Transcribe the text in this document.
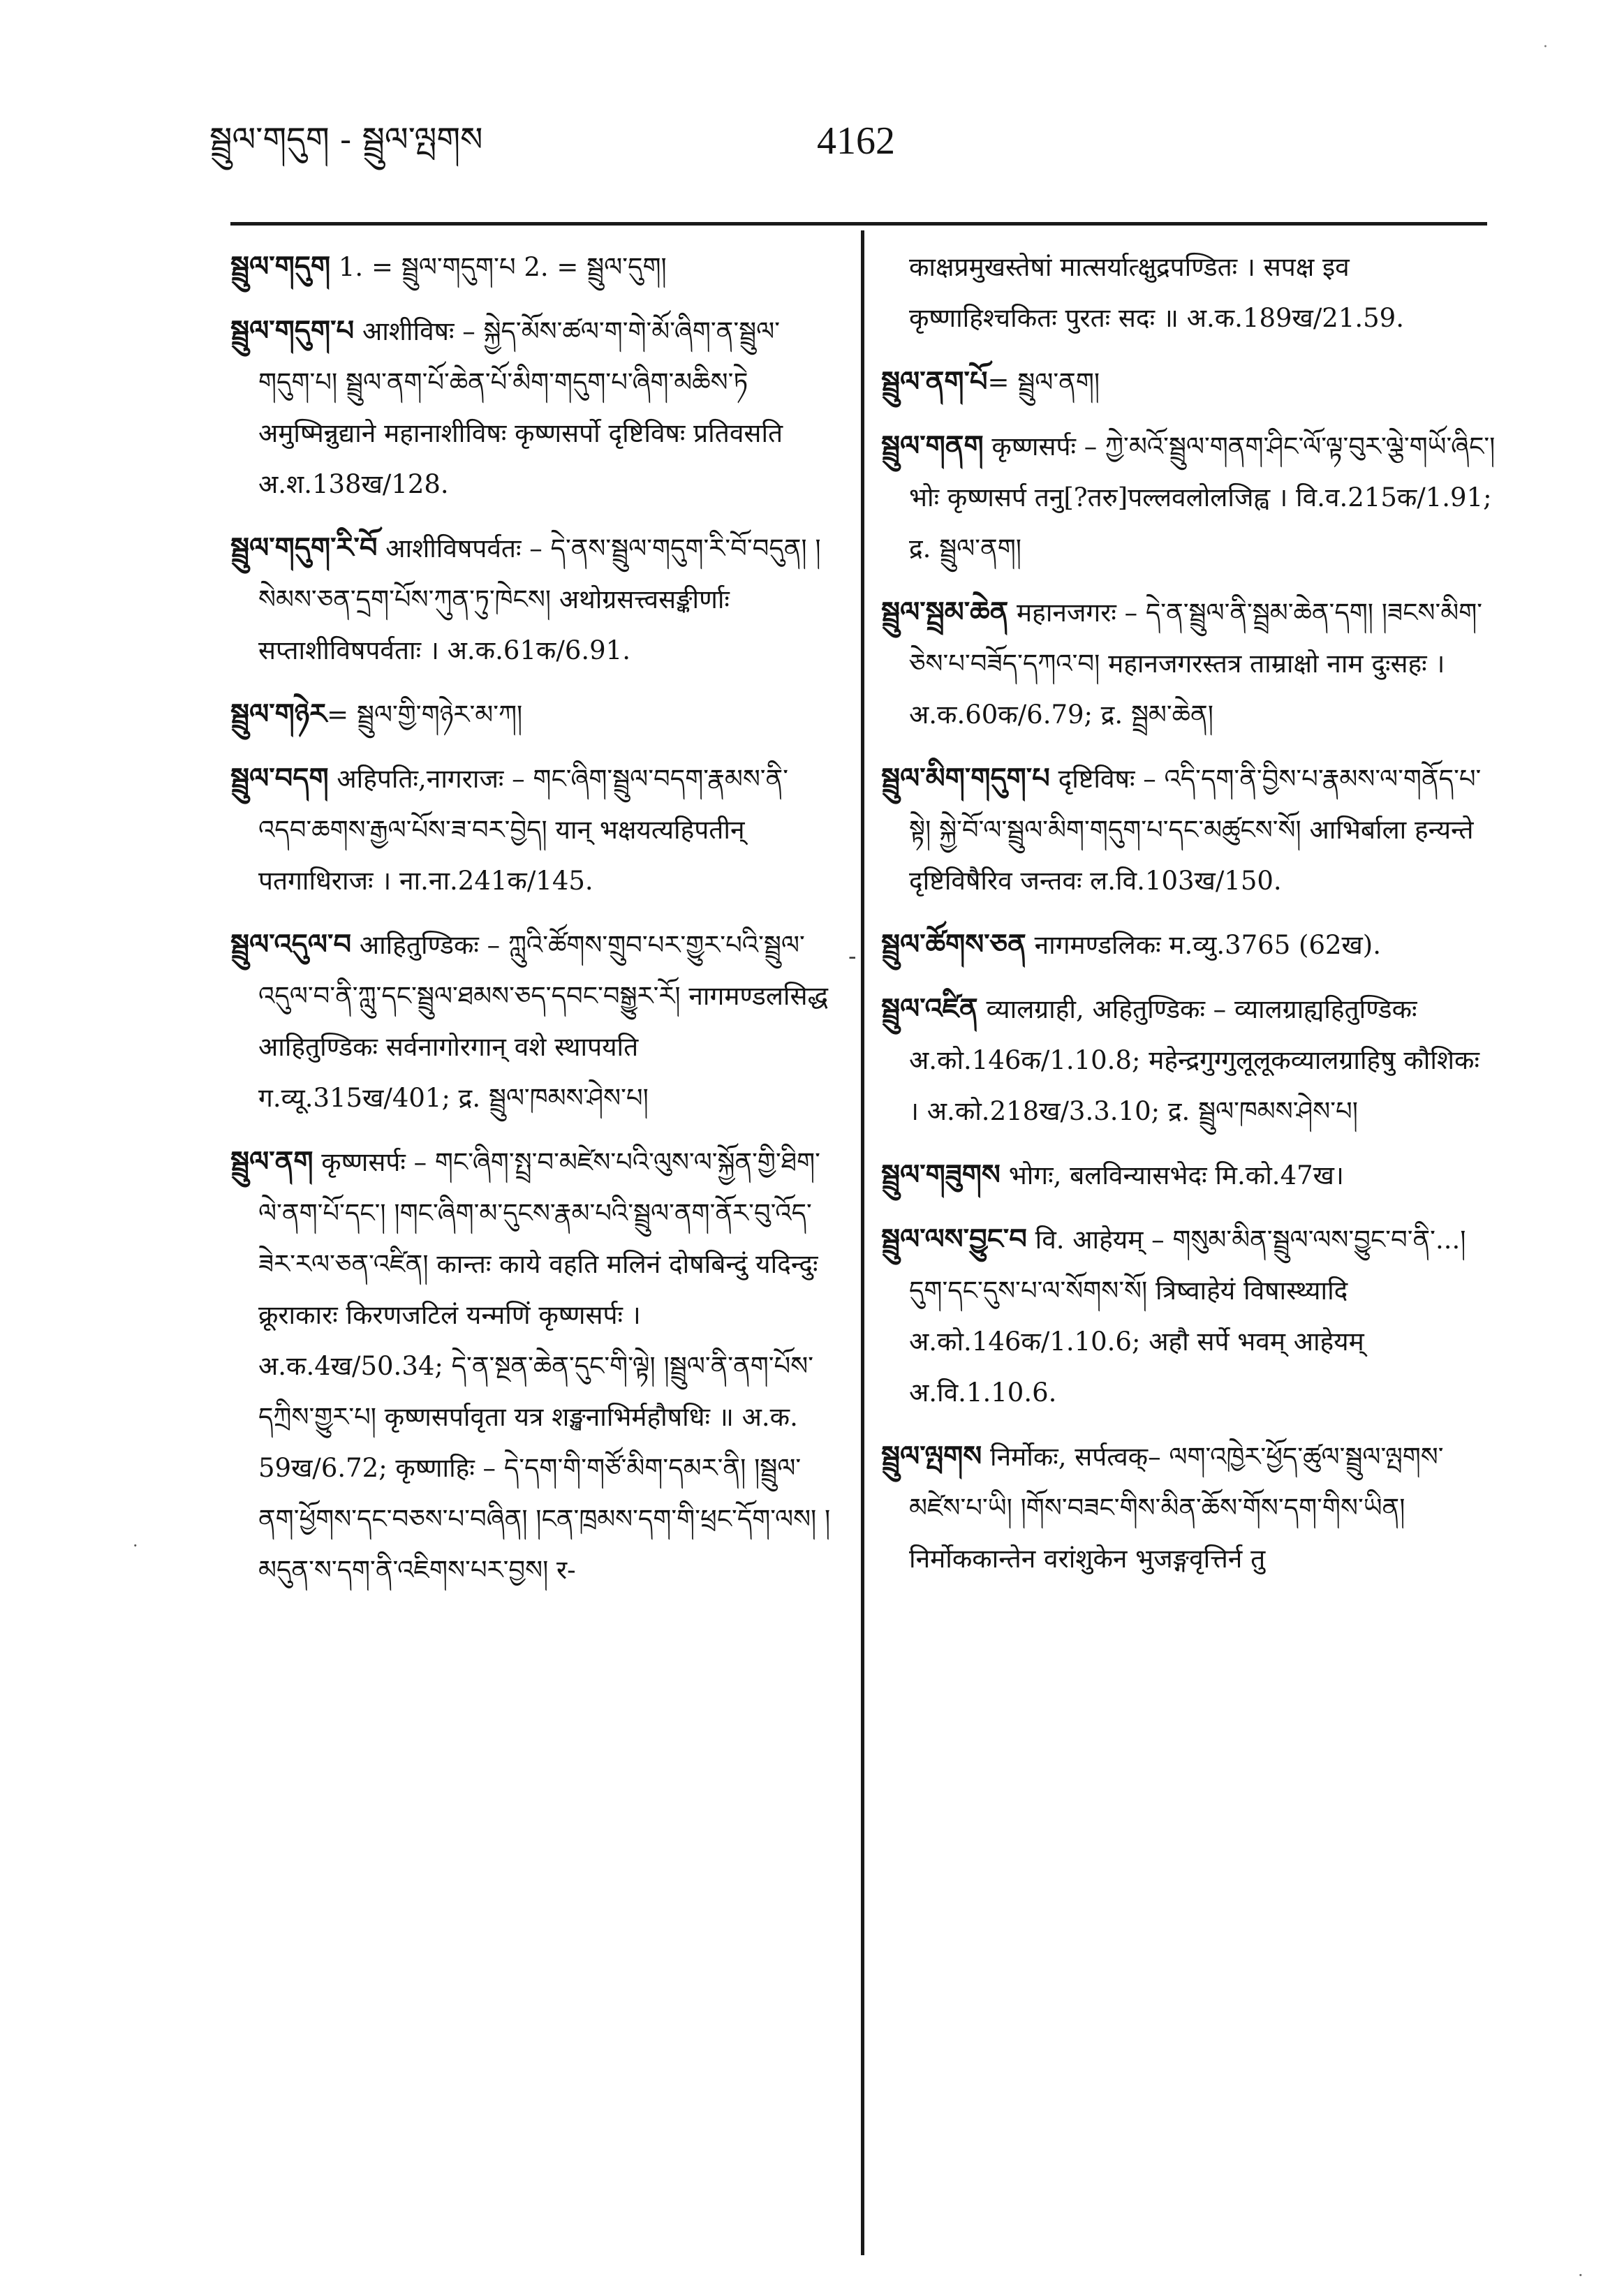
སྦྲུལ་གདུག - སྦྲུལ་ལྤགས	4162

སྦྲུལ་གདུག 1. = སྦྲུལ་གདུག་པ 2. = སྦྲུལ་དུག།

སྦྲུལ་གདུག་པ आशीविषः – སྐྱེད་མོས་ཚལ་ག་གེ་མོ་ཞིག་ན་སྦྲུལ་གདུག་པ། སྦྲུལ་ནག་པོ་ཆེན་པོ་མིག་གདུག་པ་ཞིག་མཆིས་ཏེ अमुष्मिन्नुद्याने महानाशीविषः कृष्णसर्पो दृष्टिविषः प्रतिवसति अ.श.138ख/128.

སྦྲུལ་གདུག་རི་བོ आशीविषपर्वतः – དེ་ནས་སྦྲུལ་གདུག་རི་བོ་བདུན། །སེམས་ཅན་དྲག་པོས་ཀུན་ཏུ་ཁེངས། अथोग्रसत्त्वसङ्कीर्णाः सप्ताशीविषपर्वताः । अ.क.61क/6.91.

སྦྲུལ་གཉེར= སྦྲུལ་གྱི་གཉེར་མ་ཀ།

སྦྲུལ་བདག अहिपतिः,नागराजः – གང་ཞིག་སྦྲུལ་བདག་རྣམས་ནི་འདབ་ཆགས་རྒྱལ་པོས་ཟ་བར་བྱེད། यान् भक्षयत्यहिपतीन् पतगाधिराजः । ना.ना.241क/145.

སྦྲུལ་འདུལ་བ आहितुण्डिकः – ཀླུའི་ཚོགས་གྲུབ་པར་གྱུར་པའི་སྦྲུལ་འདུལ་བ་ནི་ཀླུ་དང་སྦྲུལ་ཐམས་ཅད་དབང་བསྒྱུར་རོ། नागमण्डलसिद्ध आहितुण्डिकः सर्वनागोरगान् वशे स्थापयति ग.व्यू.315ख/401; द्र. སྦྲུལ་ཁམས་ཤེས་པ།

སྦྲུལ་ནག कृष्णसर्पः – གང་ཞིག་སྤྲ་བ་མཛེས་པའི་ལུས་ལ་སྐྱོན་གྱི་ཐིག་ལེ་ནག་པོ་དང་། །གང་ཞིག་མ་དུངས་རྣམ་པའི་སྦྲུལ་ནག་ནོར་བུ་འོད་ཟེར་རལ་ཅན་འཛིན། कान्तः काये वहति मलिनं दोषबिन्दुं यदिन्दुः क्रूराकारः किरणजटिलं यन्मणिं कृष्णसर्पः । अ.क.4ख/50.34; དེ་ན་སྔན་ཆེན་དུང་གི་ལྟེ། །སྦྲུལ་ནི་ནག་པོས་དཀྲིས་གྱུར་པ། कृष्णसर्पावृता यत्र शङ्खनाभिर्महौषधिः ॥ अ.क. 59ख/6.72; कृष्णाहिः – དེ་དག་གི་གཙོ་མིག་དམར་ནི། །སྦྲུལ་ནག་ཕྱོགས་དང་བཅས་པ་བཞིན། །ངན་ཁྲམས་དག་གི་ཕྲང་དོག་ལས། །མདུན་ས་དག་ནི་འཇིགས་པར་བྱས། र-

काक्षप्रमुखस्तेषां मात्सर्यात्क्षुद्रपण्डितः । सपक्ष इव कृष्णाहिश्चकितः पुरतः सदः ॥ अ.क.189ख/21.59.

སྦྲུལ་ནག་པོ= སྦྲུལ་ནག།

སྦྲུལ་གནག कृष्णसर्पः – ཀྱེ་མའོ་སྦྲུལ་གནག་ཤིང་ལོ་ལྟ་བུར་ལྕེ་གཡོ་ཞིང་། भोः कृष्णसर्प तनु[?तरु]पल्लवलोलजिह्व । वि.व.215क/1.91; द्र. སྦྲུལ་ནག།

སྦྲུལ་སྦྲམ་ཆེན महानजगरः – དེ་ན་སྦྲུལ་ནི་སྦྲམ་ཆེན་དག། །ཟངས་མིག་ཅེས་པ་བཟོད་དཀའ་བ། महानजगरस्तत्र ताम्राक्षो नाम दुःसहः । अ.क.60क/6.79; द्र. སྦྲམ་ཆེན།

སྦྲུལ་མིག་གདུག་པ दृष्टिविषः – འདི་དག་ནི་བྱིས་པ་རྣམས་ལ་གནོད་པ་སྟེ། སྐྱེ་བོ་ལ་སྦྲུལ་མིག་གདུག་པ་དང་མཚུངས་སོ། आभिर्बाला हन्यन्ते दृष्टिविषैरिव जन्तवः ल.वि.103ख/150.

སྦྲུལ་ཚོགས་ཅན नागमण्डलिकः म.व्यु.3765 (62ख).

སྦྲུལ་འཛིན व्यालग्राही, अहितुण्डिकः – व्यालग्राह्यहितुण्डिकः अ.को.146क/1.10.8; महेन्द्रगुग्गुलूलूकव्यालग्राहिषु कौशिकः । अ.को.218ख/3.3.10; द्र. སྦྲུལ་ཁམས་ཤེས་པ།

སྦྲུལ་གཟུགས भोगः, बलविन्यासभेदः मि.को.47ख।

སྦྲུལ་ལས་བྱུང་བ वि. आहेयम् – གསུམ་མིན་སྦྲུལ་ལས་བྱུང་བ་ནི་...།དུག་དང་དུས་པ་ལ་སོགས་སོ། त्रिष्वाहेयं विषास्थ्यादि अ.को.146क/1.10.6; अहौ सर्पे भवम् आहेयम् अ.वि.1.10.6.

སྦྲུལ་ལྤགས निर्मोकः, सर्पत्वक्– ལག་འཁྱེར་ཕྱོད་ཚུལ་སྦྲུལ་ལྤགས་མཛེས་པ་ཡི། །གོས་བཟང་གིས་མིན་ཆོས་གོས་དག་གིས་ཡིན། निर्मोककान्तेन वरांशुकेन भुजङ्गवृत्तिर्न तु

-
·
·
·
